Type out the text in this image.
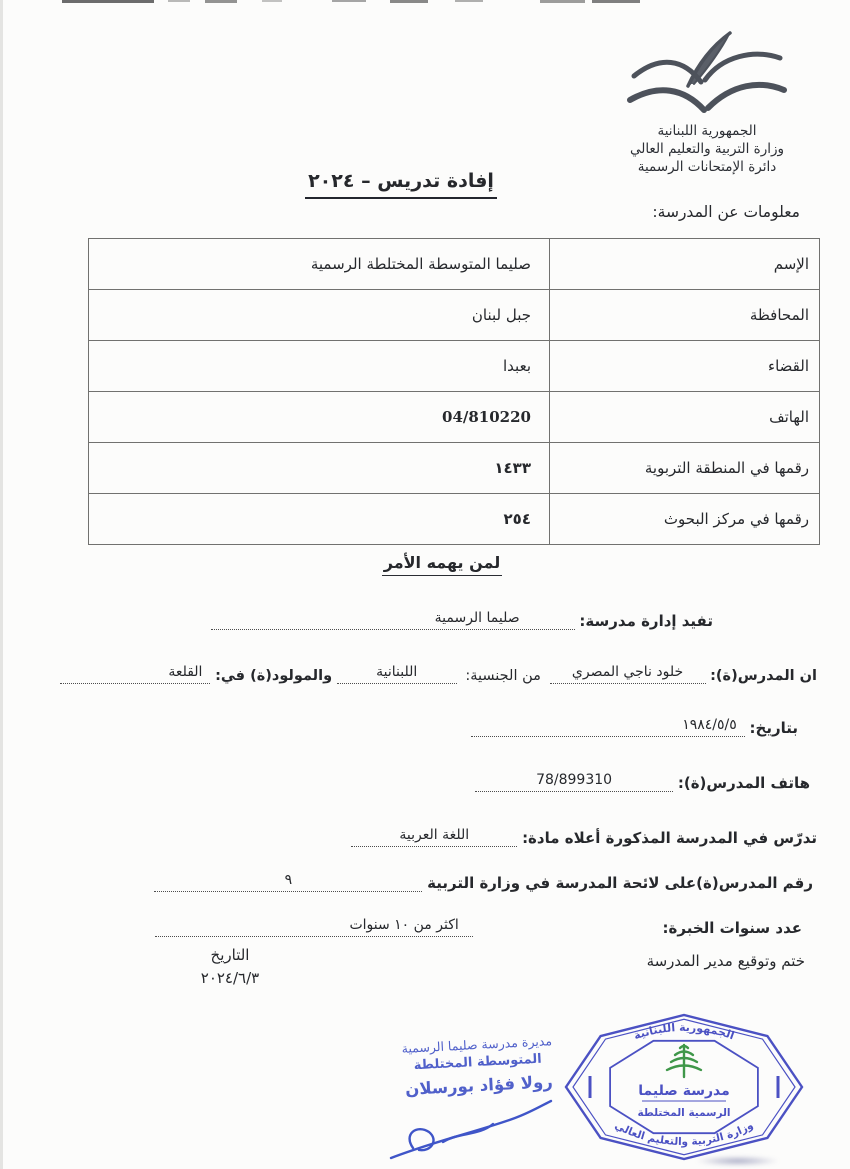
الجمهورية اللبنانية
وزارة التربية والتعليم العالي
دائرة الإمتحانات الرسمية
إفادة تدريس – ٢٠٢٤
معلومات عن المدرسة:
الإسم	صليما المتوسطة المختلطة الرسمية
المحافظة	جبل لبنان
القضاء	بعبدا
الهاتف	04/810220
رقمها في المنطقة التربوية	١٤٣٣
رقمها في مركز البحوث	٢٥٤
لمن يهمه الأمر
تفيد إدارة مدرسة: صليما الرسمية
ان المدرس(ة): خلود ناجي المصري من الجنسية: اللبنانية والمولود(ة) في: القلعة
بتاريخ: ١٩٨٤/٥/٥
هاتف المدرس(ة): 78/899310
تدرّس في المدرسة المذكورة أعلاه مادة: اللغة العربية
رقم المدرس(ة)على لائحة المدرسة في وزارة التربية ٩
عدد سنوات الخبرة: اكثر من ١٠ سنوات
ختم وتوقيع مدير المدرسة
التاريخ
٢٠٢٤/٦/٣
مديرة مدرسة صليما الرسمية
المتوسطة المختلطة
رولا فؤاد بورسلان	مدرسة صليما
الرسمية المختلطة
الجمهورية اللبنانية
وزارة التربية والتعليم العالي
